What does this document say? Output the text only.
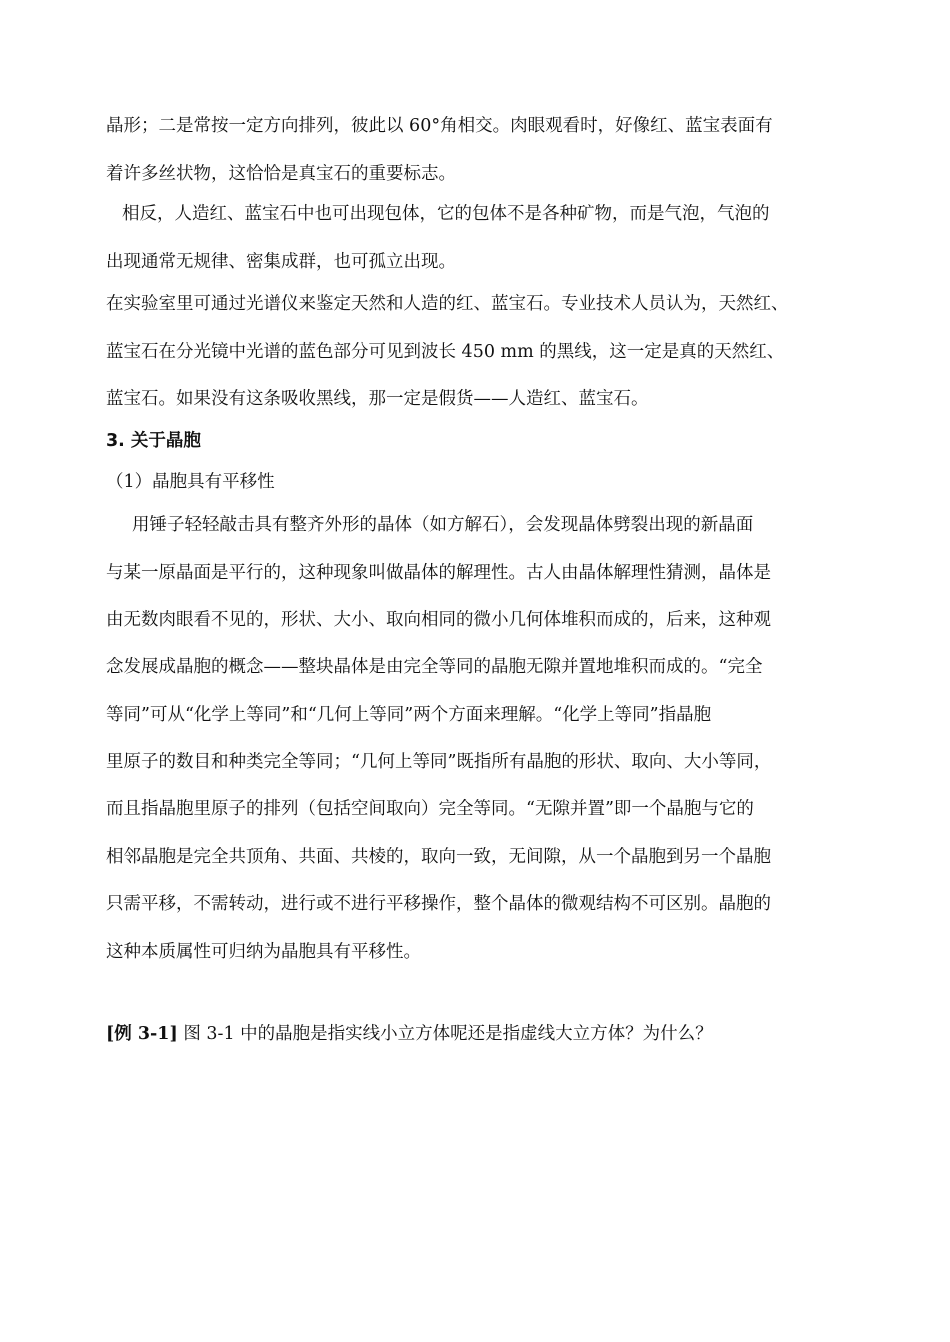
晶形；二是常按一定方向排列，彼此以 60°角相交。肉眼观看时，好像红、蓝宝表面有
着许多丝状物，这恰恰是真宝石的重要标志。
相反，人造红、蓝宝石中也可出现包体，它的包体不是各种矿物，而是气泡，气泡的
出现通常无规律、密集成群，也可孤立出现。
在实验室里可通过光谱仪来鉴定天然和人造的红、蓝宝石。专业技术人员认为，天然红、
蓝宝石在分光镜中光谱的蓝色部分可见到波长 450 mm 的黑线，这一定是真的天然红、
蓝宝石。如果没有这条吸收黑线，那一定是假货——人造红、蓝宝石。
3. 关于晶胞
（1）晶胞具有平移性
用锤子轻轻敲击具有整齐外形的晶体（如方解石），会发现晶体劈裂出现的新晶面
与某一原晶面是平行的，这种现象叫做晶体的解理性。古人由晶体解理性猜测，晶体是
由无数肉眼看不见的，形状、大小、取向相同的微小几何体堆积而成的，后来，这种观
念发展成晶胞的概念——整块晶体是由完全等同的晶胞无隙并置地堆积而成的。“完全
等同”可从“化学上等同”和“几何上等同”两个方面来理解。“化学上等同”指晶胞
里原子的数目和种类完全等同；“几何上等同”既指所有晶胞的形状、取向、大小等同，
而且指晶胞里原子的排列（包括空间取向）完全等同。“无隙并置”即一个晶胞与它的
相邻晶胞是完全共顶角、共面、共棱的，取向一致，无间隙，从一个晶胞到另一个晶胞
只需平移，不需转动，进行或不进行平移操作，整个晶体的微观结构不可区别。晶胞的
这种本质属性可归纳为晶胞具有平移性。
[例 3-1] 图 3-1 中的晶胞是指实线小立方体呢还是指虚线大立方体？为什么？
